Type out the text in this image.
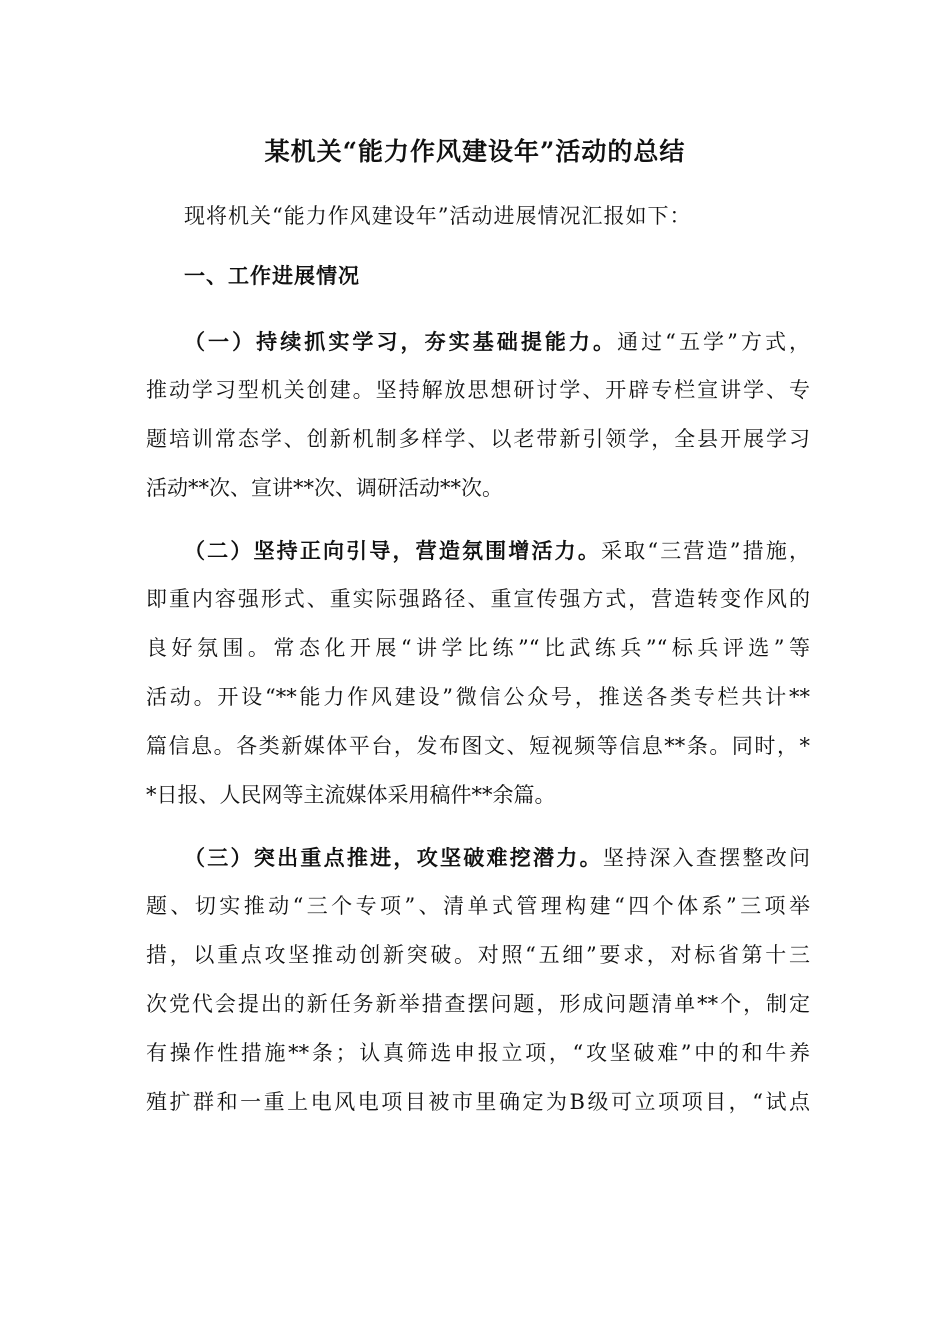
某机关“能力作风建设年”活动的总结
现将机关“能力作风建设年”活动进展情况汇报如下：
一、工作进展情况
（一）持续抓实学习，夯实基础提能力。通过“五学”方式，
推动学习型机关创建。坚持解放思想研讨学、开辟专栏宣讲学、专
题培训常态学、创新机制多样学、以老带新引领学，全县开展学习
活动**次、宣讲**次、调研活动**次。
（二）坚持正向引导，营造氛围增活力。采取“三营造”措施，
即重内容强形式、重实际强路径、重宣传强方式，营造转变作风的
良好氛围。常态化开展“讲学比练”“比武练兵”“标兵评选”等
活动。开设“**能力作风建设”微信公众号，推送各类专栏共计**
篇信息。各类新媒体平台，发布图文、短视频等信息**条。同时，*
*日报、人民网等主流媒体采用稿件**余篇。
（三）突出重点推进，攻坚破难挖潜力。坚持深入查摆整改问
题、切实推动“三个专项”、清单式管理构建“四个体系”三项举
措，以重点攻坚推动创新突破。对照“五细”要求，对标省第十三
次党代会提出的新任务新举措查摆问题，形成问题清单**个，制定
有操作性措施**条；认真筛选申报立项，“攻坚破难”中的和牛养
殖扩群和一重上电风电项目被市里确定为B级可立项项目，“试点
